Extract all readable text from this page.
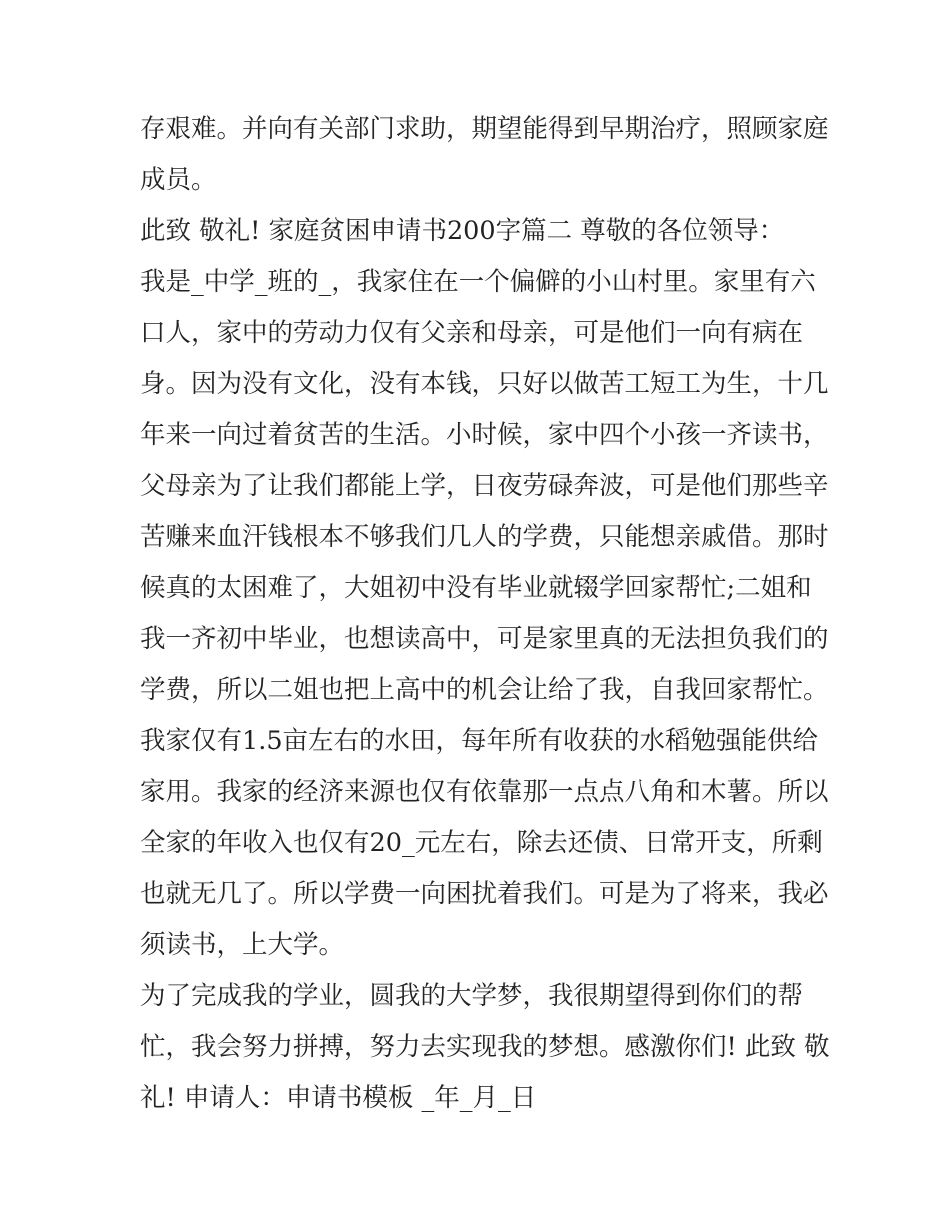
存艰难。并向有关部门求助，期望能得到早期治疗，照顾家庭
成员。
此致 敬礼! 家庭贫困申请书200字篇二 尊敬的各位领导：
我是_中学_班的_，我家住在一个偏僻的小山村里。家里有六
口人，家中的劳动力仅有父亲和母亲，可是他们一向有病在
身。因为没有文化，没有本钱，只好以做苦工短工为生，十几
年来一向过着贫苦的生活。小时候，家中四个小孩一齐读书，
父母亲为了让我们都能上学，日夜劳碌奔波，可是他们那些辛
苦赚来血汗钱根本不够我们几人的学费，只能想亲戚借。那时
候真的太困难了，大姐初中没有毕业就辍学回家帮忙;二姐和
我一齐初中毕业，也想读高中，可是家里真的无法担负我们的
学费，所以二姐也把上高中的机会让给了我，自我回家帮忙。
我家仅有1.5亩左右的水田，每年所有收获的水稻勉强能供给
家用。我家的经济来源也仅有依靠那一点点八角和木薯。所以
全家的年收入也仅有20_元左右，除去还债、日常开支，所剩
也就无几了。所以学费一向困扰着我们。可是为了将来，我必
须读书，上大学。
为了完成我的学业，圆我的大学梦，我很期望得到你们的帮
忙，我会努力拼搏，努力去实现我的梦想。感激你们! 此致 敬
礼! 申请人：申请书模板 _年_月_日
